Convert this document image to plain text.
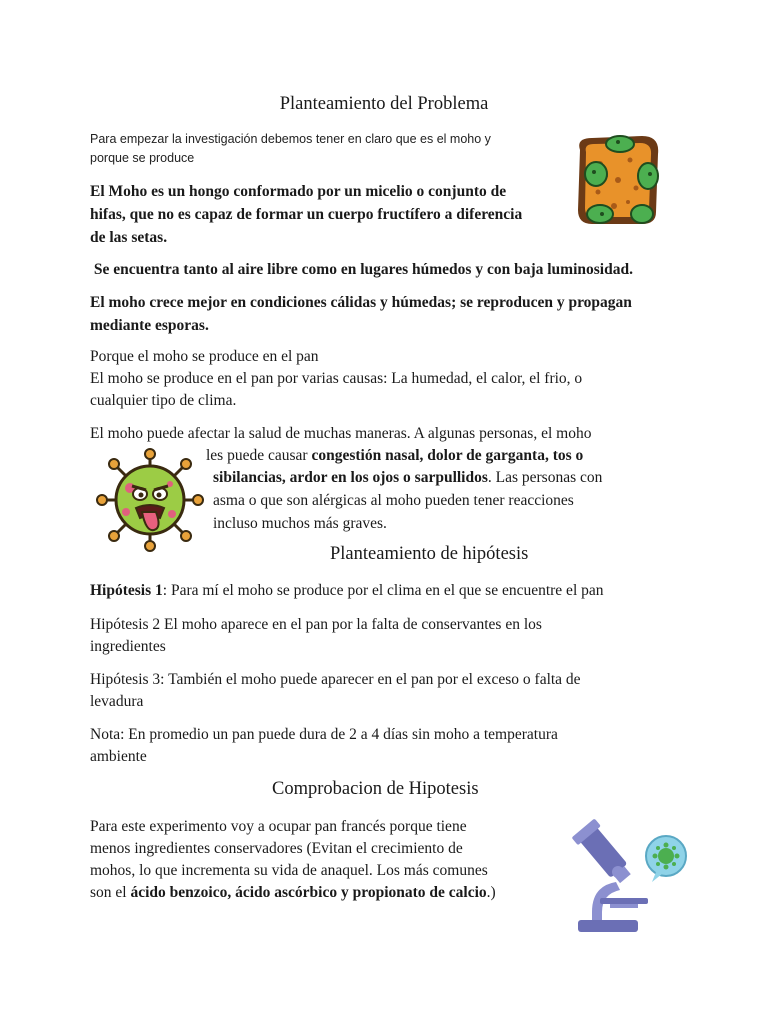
Planteamiento del Problema

Para empezar la investigación debemos tener en claro que es el moho y

porque se produce

El Moho es un hongo conformado por un micelio o conjunto de

hifas, que no es capaz de formar un cuerpo fructífero a diferencia

de las setas.

Se encuentra tanto al aire libre como en lugares húmedos y con baja luminosidad.

El moho crece mejor en condiciones cálidas y húmedas; se reproducen y propagan

mediante esporas.

Porque el moho se produce en el pan

El moho se produce en el pan por varias causas: La humedad, el calor, el frio, o

cualquier tipo de clima.

El moho puede afectar la salud de muchas maneras. A algunas personas, el moho

les puede causar congestión nasal, dolor de garganta, tos o

sibilancias, ardor en los ojos o sarpullidos. Las personas con

asma o que son alérgicas al moho pueden tener reacciones

incluso muchos más graves.

Planteamiento de hipótesis

Hipótesis 1: Para mí el moho se produce por el clima en el que se encuentre el pan

Hipótesis 2 El moho aparece en el pan por la falta de conservantes en los

ingredientes

Hipótesis 3: También el moho puede aparecer en el pan por el exceso o falta de

levadura

Nota: En promedio un pan puede dura de 2 a 4 días sin moho a temperatura

ambiente

Comprobacion de Hipotesis

Para este experimento voy a ocupar pan francés porque tiene

menos ingredientes conservadores (Evitan el crecimiento de

mohos, lo que incrementa su vida de anaquel. Los más comunes

son el ácido benzoico, ácido ascórbico y propionato de calcio.)
